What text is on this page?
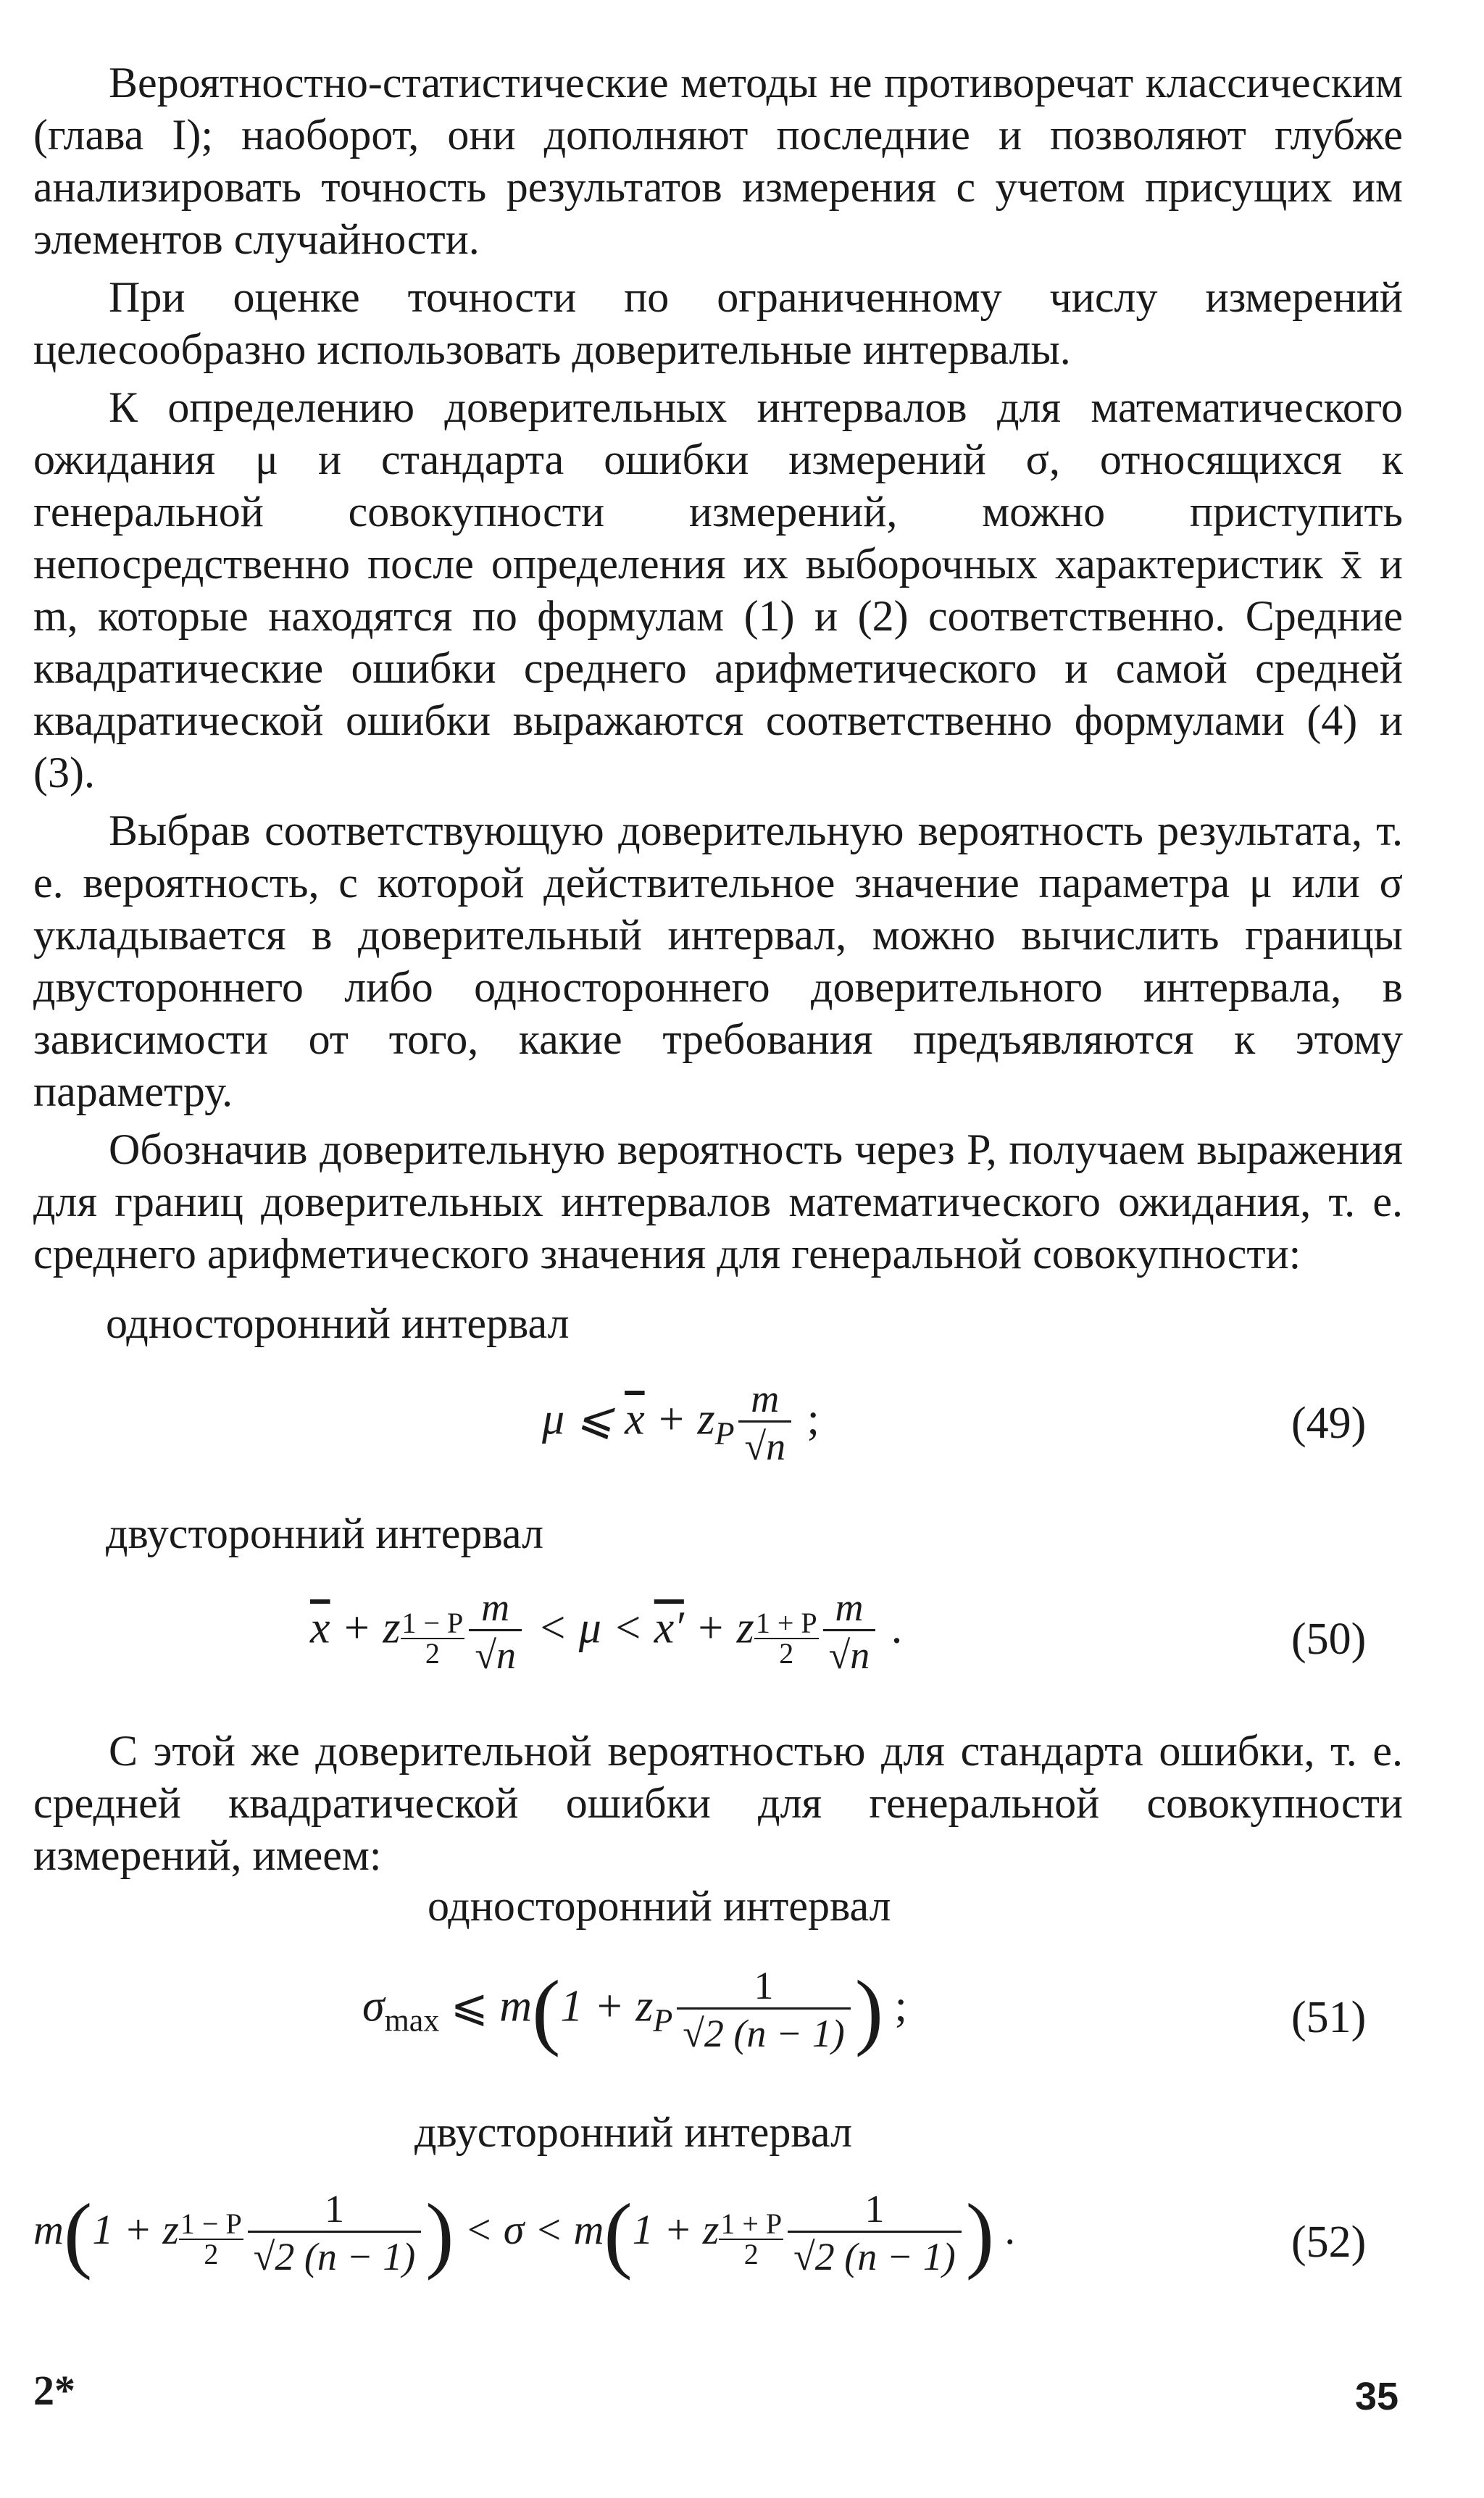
Вероятностно-статистические методы не противоречат классическим (глава I); наоборот, они дополняют последние и позволяют глубже анализировать точность результатов измерения с учетом присущих им элементов случайности.

При оценке точности по ограниченному числу измерений целесообразно использовать доверительные интервалы.

К определению доверительных интервалов для математического ожидания μ и стандарта ошибки измерений σ, относящихся к генеральной совокупности измерений, можно приступить непосредственно после определения их выборочных характеристик x̄ и m, которые находятся по формулам (1) и (2) соответственно. Средние квадратические ошибки среднего арифметического и самой средней квадратической ошибки выражаются соответственно формулами (4) и (3).

Выбрав соответствующую доверительную вероятность результата, т. е. вероятность, с которой действительное значение параметра μ или σ укладывается в доверительный интервал, можно вычислить границы двустороннего либо одностороннего доверительного интервала, в зависимости от того, какие требования предъявляются к этому параметру.

Обозначив доверительную вероятность через P, получаем выражения для границ доверительных интервалов математического ожидания, т. е. среднего арифметического значения для генеральной совокупности:

односторонний интервал
μ ⩽ $\overline{x} + z_P \frac{m}{√n}$ ;	(49)
двусторонний интервал
$\overline{x} + z \frac{1 - P}{2} \frac{m}{√n} < \mu < x' + z \frac{1 + P}{2} \frac{m}{√n}$ .	(50)

С этой же доверительной вероятностью для стандарта ошибки, т. е. средней квадратической ошибки для генеральной совокупности измерений, имеем:

односторонний интервал
$\sigma_{max}$ ⩽ $m(1 + z_P \frac{1}{√2 (n - 1)}$ ) ;	(51)
двусторонний интервал
m(1 + z $\frac{1 - P}{2} \frac{1}{√2 (n - 1)}$ ) < σ < m(1 + z $\frac{1 + P}{2} \frac{1}{√2 (n - 1)}$ ) .	(52)
2*	35
